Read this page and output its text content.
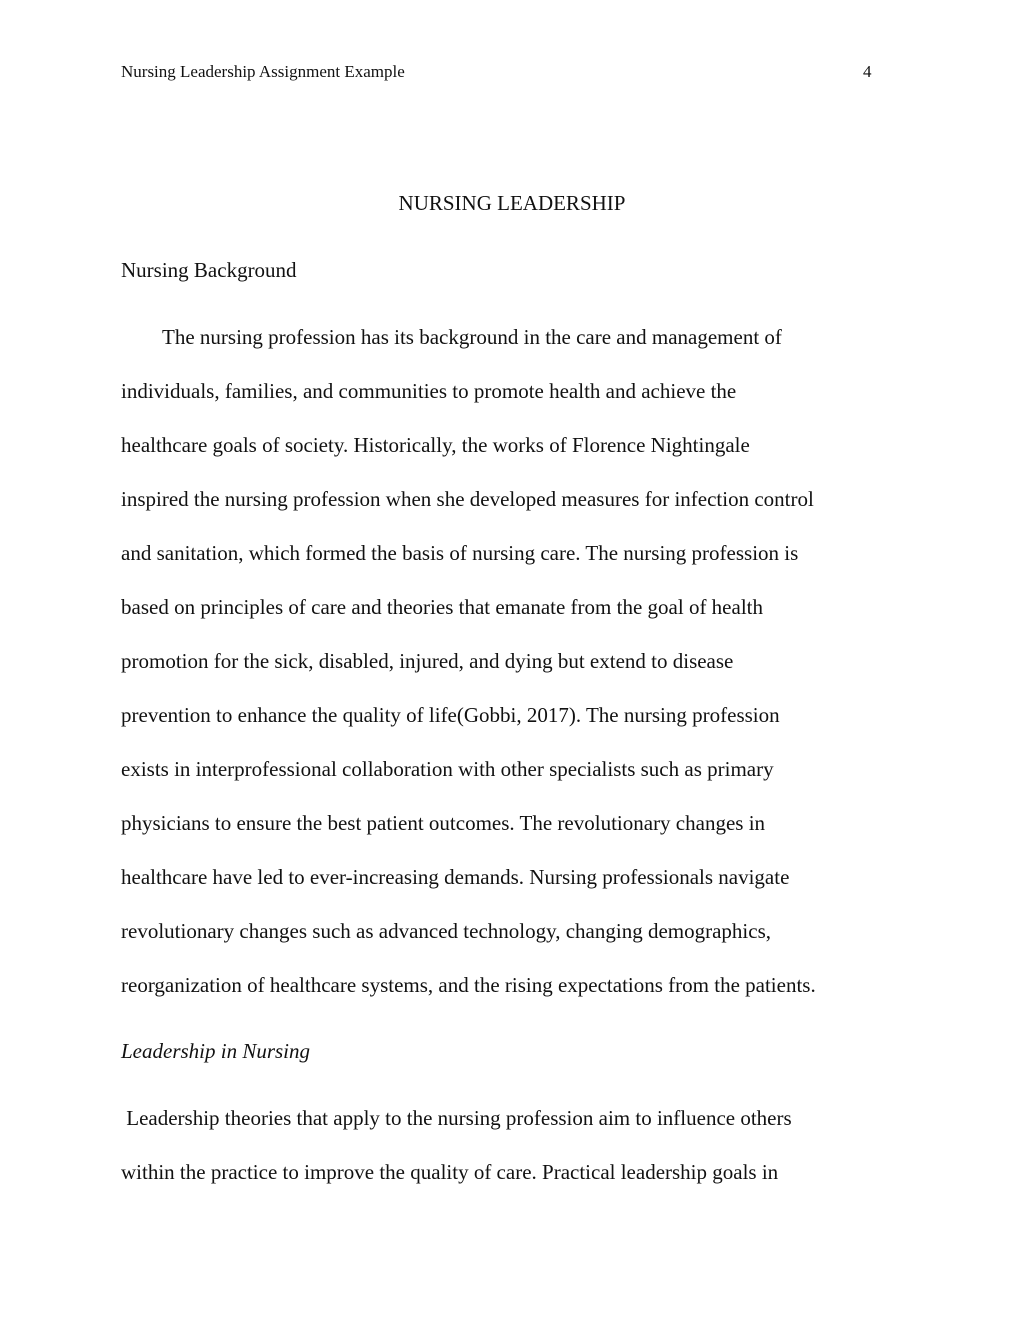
Nursing Leadership Assignment Example	4
NURSING LEADERSHIP
Nursing Background
The nursing profession has its background in the care and management of
individuals, families, and communities to promote health and achieve the
healthcare goals of society. Historically, the works of Florence Nightingale
inspired the nursing profession when she developed measures for infection control
and sanitation, which formed the basis of nursing care. The nursing profession is
based on principles of care and theories that emanate from the goal of health
promotion for the sick, disabled, injured, and dying but extend to disease
prevention to enhance the quality of life(Gobbi, 2017). The nursing profession
exists in interprofessional collaboration with other specialists such as primary
physicians to ensure the best patient outcomes. The revolutionary changes in
healthcare have led to ever-increasing demands. Nursing professionals navigate
revolutionary changes such as advanced technology, changing demographics,
reorganization of healthcare systems, and the rising expectations from the patients.
Leadership in Nursing
Leadership theories that apply to the nursing profession aim to influence others
within the practice to improve the quality of care. Practical leadership goals in
